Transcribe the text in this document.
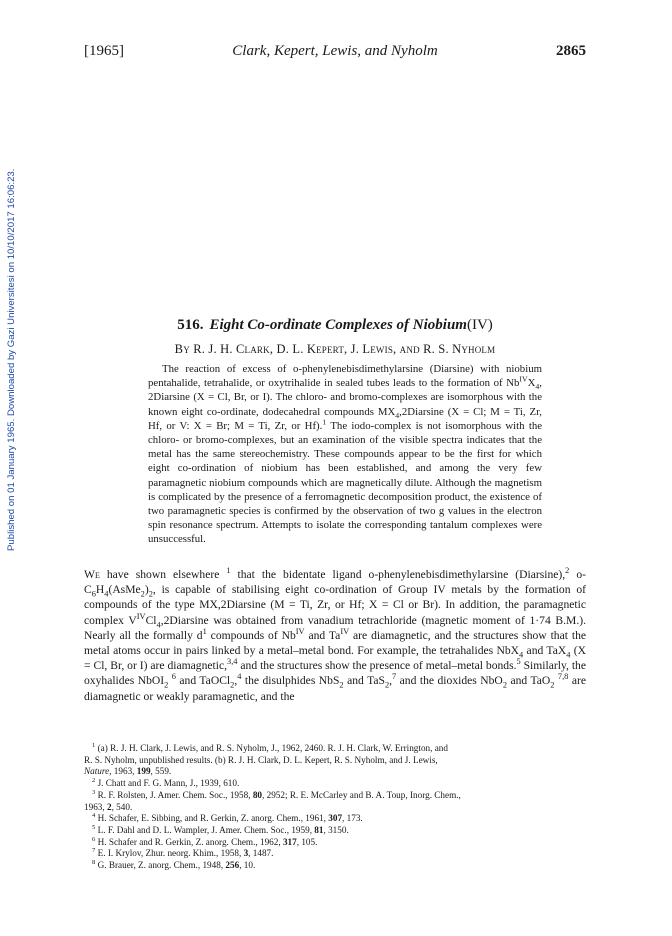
Published on 01 January 1965. Downloaded by Gazi Universitesi on 10/10/2017 16:06:23.
[1965]	Clark, Kepert, Lewis, and Nyholm	2865
516. Eight Co-ordinate Complexes of Niobium(IV)
By R. J. H. Clark, D. L. Kepert, J. Lewis, and R. S. Nyholm

The reaction of excess of o-phenylenebisdimethylarsine (Diarsine) with niobium pentahalide, tetrahalide, or oxytrihalide in sealed tubes leads to the formation of $Nb^{IV}X_4$, 2Diarsine (X = Cl, Br, or I). The chloro- and bromo-complexes are isomorphous with the known eight co-ordinate, dodecahedral compounds $MX_4,2Diarsine$ (X = Cl; M = Ti, Zr, Hf, or V: X = Br; M = Ti, Zr, or Hf).$^1$ The iodo-complex is not isomorphous with the chloro- or bromo-complexes, but an examination of the visible spectra indicates that the metal has the same stereochemistry. These compounds appear to be the first for which eight co-ordination of niobium has been established, and among the very few paramagnetic niobium compounds which are magnetically dilute. Although the magnetism is complicated by the presence of a ferromagnetic decomposition product, the existence of two paramagnetic species is confirmed by the observation of two g values in the electron spin resonance spectrum. Attempts to isolate the corresponding tantalum complexes were unsuccessful.

We have shown elsewhere $^1$ that the bidentate ligand o-phenylenebisdimethylarsine (Diarsine),$^2$ $o-C_6H_4(AsMe_2)_2$, is capable of stabilising eight co-ordination of Group IV metals by the formation of compounds of the type MX,2Diarsine (M = Ti, Zr, or Hf; X = Cl or Br). In addition, the paramagnetic complex $V^{IV}Cl_4,2Diarsine$ was obtained from vanadium tetrachloride (magnetic moment of 1·74 B.M.). Nearly all the formally $d^1$ compounds of $Nb^{IV}$ and $Ta^{IV}$ are diamagnetic, and the structures show that the metal atoms occur in pairs linked by a metal–metal bond. For example, the tetrahalides NbX$_4$ and TaX$_4$ (X = Cl, Br, or I) are diamagnetic,$^{3,4}$ and the structures show the presence of metal–metal bonds.$^5$ Similarly, the oxyhalides NbOI$_2$ $^6$ and TaOCl$_2$,$^4$ the disulphides NbS$_2$ and TaS$_2$,$^7$ and the dioxides NbO$_2$ and TaO$_2$ $^{7,8}$ are diamagnetic or weakly paramagnetic, and the

$^1$ (a) R. J. H. Clark, J. Lewis, and R. S. Nyholm, J., 1962, 2460. R. J. H. Clark, W. Errington, and

R. S. Nyholm, unpublished results. (b) R. J. H. Clark, D. L. Kepert, R. S. Nyholm, and J. Lewis,

Nature, 1963, 199, 559.

$^2$ J. Chatt and F. G. Mann, J., 1939, 610.

$^3$ R. F. Rolsten, J. Amer. Chem. Soc., 1958, 80, 2952; R. E. McCarley and B. A. Toup, Inorg. Chem.,

1963, 2, 540.

$^4$ H. Schafer, E. Sibbing, and R. Gerkin, Z. anorg. Chem., 1961, 307, 173.

$^5$ L. F. Dahl and D. L. Wampler, J. Amer. Chem. Soc., 1959, 81, 3150.

$^6$ H. Schafer and R. Gerkin, Z. anorg. Chem., 1962, 317, 105.

$^7$ E. I. Krylov, Zhur. neorg. Khim., 1958, 3, 1487.

$^8$ G. Brauer, Z. anorg. Chem., 1948, 256, 10.
